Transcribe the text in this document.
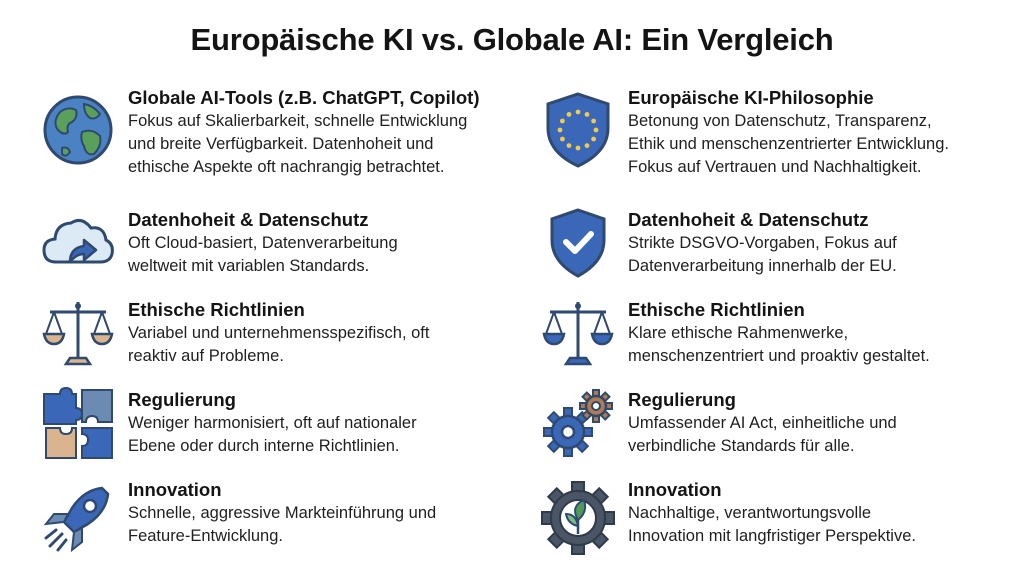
Europäische KI vs. Globale AI: Ein Vergleich

Globale AI-Tools (z.B. ChatGPT, Copilot)

Fokus auf Skalierbarkeit, schnelle Entwicklung

und breite Verfügbarkeit. Datenhoheit und

ethische Aspekte oft nachrangig betrachtet.

Datenhoheit & Datenschutz

Oft Cloud-basiert, Datenverarbeitung

weltweit mit variablen Standards.

Ethische Richtlinien

Variabel und unternehmensspezifisch, oft

reaktiv auf Probleme.

Regulierung

Weniger harmonisiert, oft auf nationaler

Ebene oder durch interne Richtlinien.

Innovation

Schnelle, aggressive Markteinführung und

Feature-Entwicklung.

Europäische KI-Philosophie

Betonung von Datenschutz, Transparenz,

Ethik und menschenzentrierter Entwicklung.

Fokus auf Vertrauen und Nachhaltigkeit.

Datenhoheit & Datenschutz

Strikte DSGVO-Vorgaben, Fokus auf

Datenverarbeitung innerhalb der EU.

Ethische Richtlinien

Klare ethische Rahmenwerke,

menschenzentriert und proaktiv gestaltet.

Regulierung

Umfassender AI Act, einheitliche und

verbindliche Standards für alle.

Innovation

Nachhaltige, verantwortungsvolle

Innovation mit langfristiger Perspektive.
